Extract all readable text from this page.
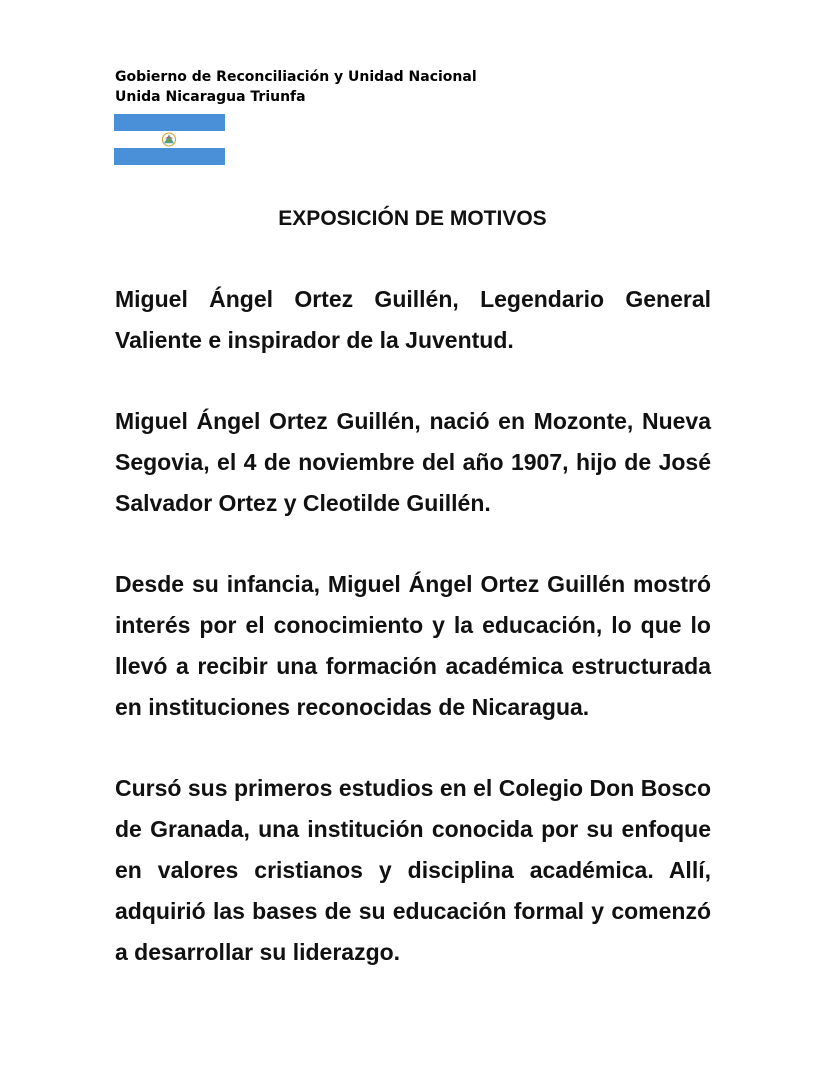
Gobierno de Reconciliación y Unidad Nacional
Unida Nicaragua Triunfa
EXPOSICIÓN DE MOTIVOS

Miguel Ángel Ortez Guillén, Legendario General Valiente e inspirador de la Juventud.

Miguel Ángel Ortez Guillén, nació en Mozonte, Nueva Segovia, el 4 de noviembre del año 1907, hijo de José Salvador Ortez y Cleotilde Guillén.

Desde su infancia, Miguel Ángel Ortez Guillén mostró interés por el conocimiento y la educación, lo que lo llevó a recibir una formación académica estructurada en instituciones reconocidas de Nicaragua.

Cursó sus primeros estudios en el Colegio Don Bosco de Granada, una institución conocida por su enfoque en valores cristianos y disciplina académica. Allí, adquirió las bases de su educación formal y comenzó a desarrollar su liderazgo.
